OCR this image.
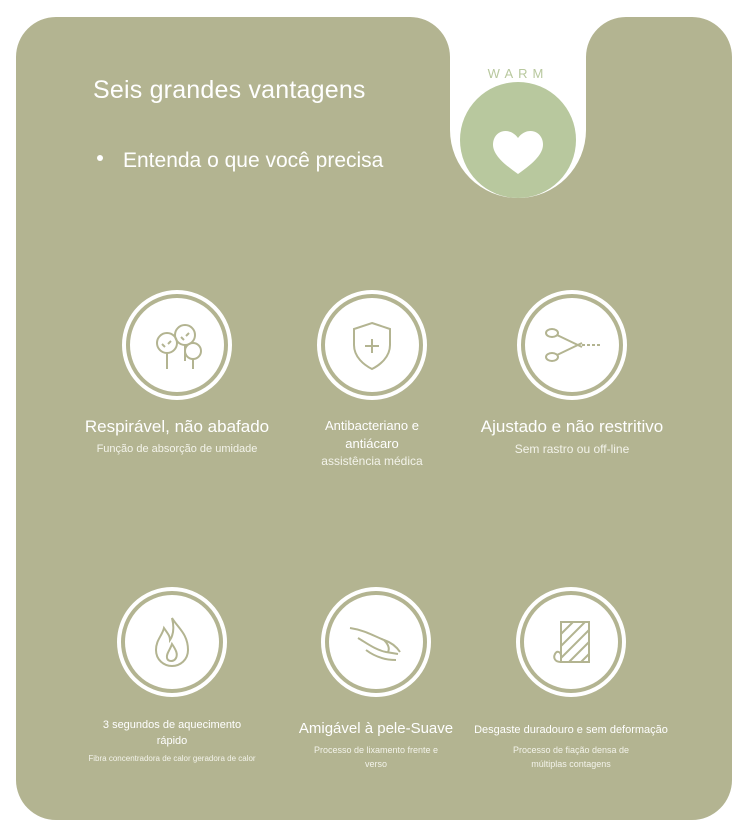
Seis grandes vantagens
Entenda o que você precisa
WARM
Respirável, não abafado
Função de absorção de umidade
Antibacteriano e antiácaro
assistência médica
Ajustado e não restritivo
Sem rastro ou off-line
3 segundos de aquecimento rápido
Fibra concentradora de calor geradora de calor
Amigável à pele-Suave
Processo de lixamento frente e verso
Desgaste duradouro e sem deformação
Processo de fiação densa de múltiplas contagens
